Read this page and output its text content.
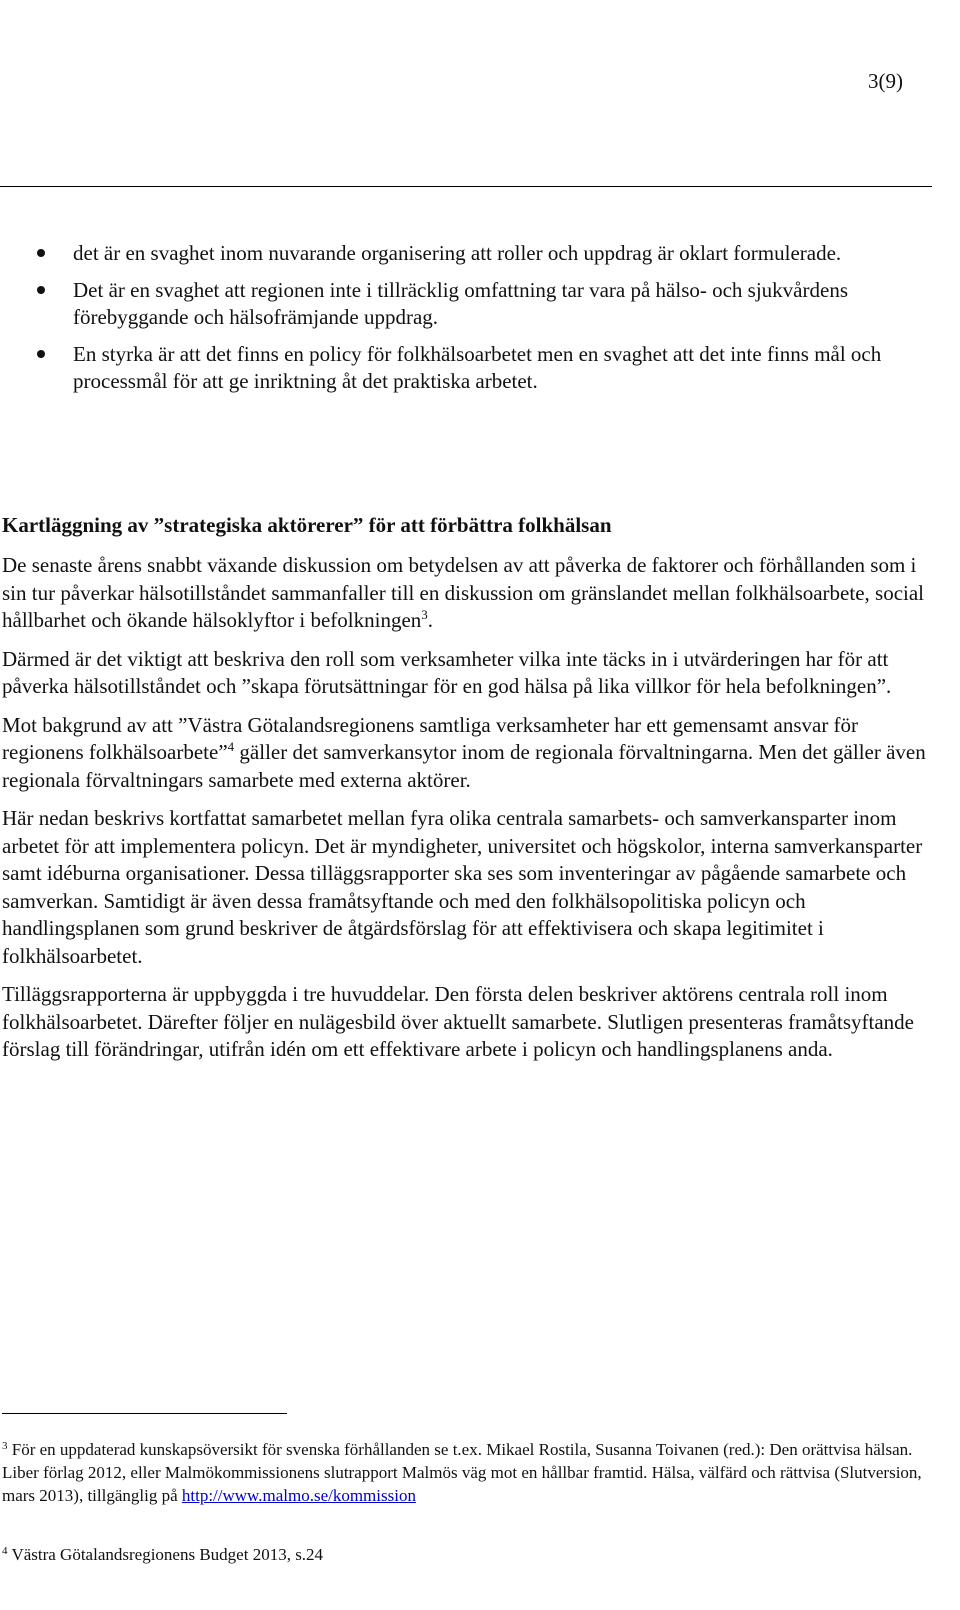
3(9)
det är en svaghet inom nuvarande organisering att roller och uppdrag är oklart formulerade.
Det är en svaghet att regionen inte i tillräcklig omfattning tar vara på hälso- och sjukvårdens förebyggande och hälsofrämjande uppdrag.
En styrka är att det finns en policy för folkhälsoarbetet men en svaghet att det inte finns mål och processmål för att ge inriktning åt det praktiska arbetet.
Kartläggning av ”strategiska aktörerer” för att förbättra folkhälsan

De senaste årens snabbt växande diskussion om betydelsen av att påverka de faktorer och förhållanden som i sin tur påverkar hälsotillståndet sammanfaller till en diskussion om gränslandet mellan folkhälsoarbete, social hållbarhet och ökande hälsoklyftor i befolkningen$^3$.

Därmed är det viktigt att beskriva den roll som verksamheter vilka inte täcks in i utvärderingen har för att påverka hälsotillståndet och ”skapa förutsättningar för en god hälsa på lika villkor för hela befolkningen”.

Mot bakgrund av att ”Västra Götalandsregionens samtliga verksamheter har ett gemensamt ansvar för regionens folkhälsoarbete”$^4$ gäller det samverkansytor inom de regionala förvaltningarna. Men det gäller även regionala förvaltningars samarbete med externa aktörer.

Här nedan beskrivs kortfattat samarbetet mellan fyra olika centrala samarbets- och samverkansparter inom arbetet för att implementera policyn. Det är myndigheter, universitet och högskolor, interna samverkansparter samt idéburna organisationer. Dessa tilläggsrapporter ska ses som inventeringar av pågående samarbete och samverkan. Samtidigt är även dessa framåtsyftande och med den folkhälsopolitiska policyn och handlingsplanen som grund beskriver de åtgärdsförslag för att effektivisera och skapa legitimitet i folkhälsoarbetet.

Tilläggsrapporterna är uppbyggda i tre huvuddelar. Den första delen beskriver aktörens centrala roll inom folkhälsoarbetet. Därefter följer en nulägesbild över aktuellt samarbete. Slutligen presenteras framåtsyftande förslag till förändringar, utifrån idén om ett effektivare arbete i policyn och handlingsplanens anda.

$^3$ För en uppdaterad kunskapsöversikt för svenska förhållanden se t.ex. Mikael Rostila, Susanna Toivanen (red.): Den orättvisa hälsan. Liber förlag 2012, eller Malmökommissionens slutrapport Malmös väg mot en hållbar framtid. Hälsa, välfärd och rättvisa (Slutversion, mars 2013), tillgänglig på http://www.malmo.se/kommission

$^4$ Västra Götalandsregionens Budget 2013, s.24
